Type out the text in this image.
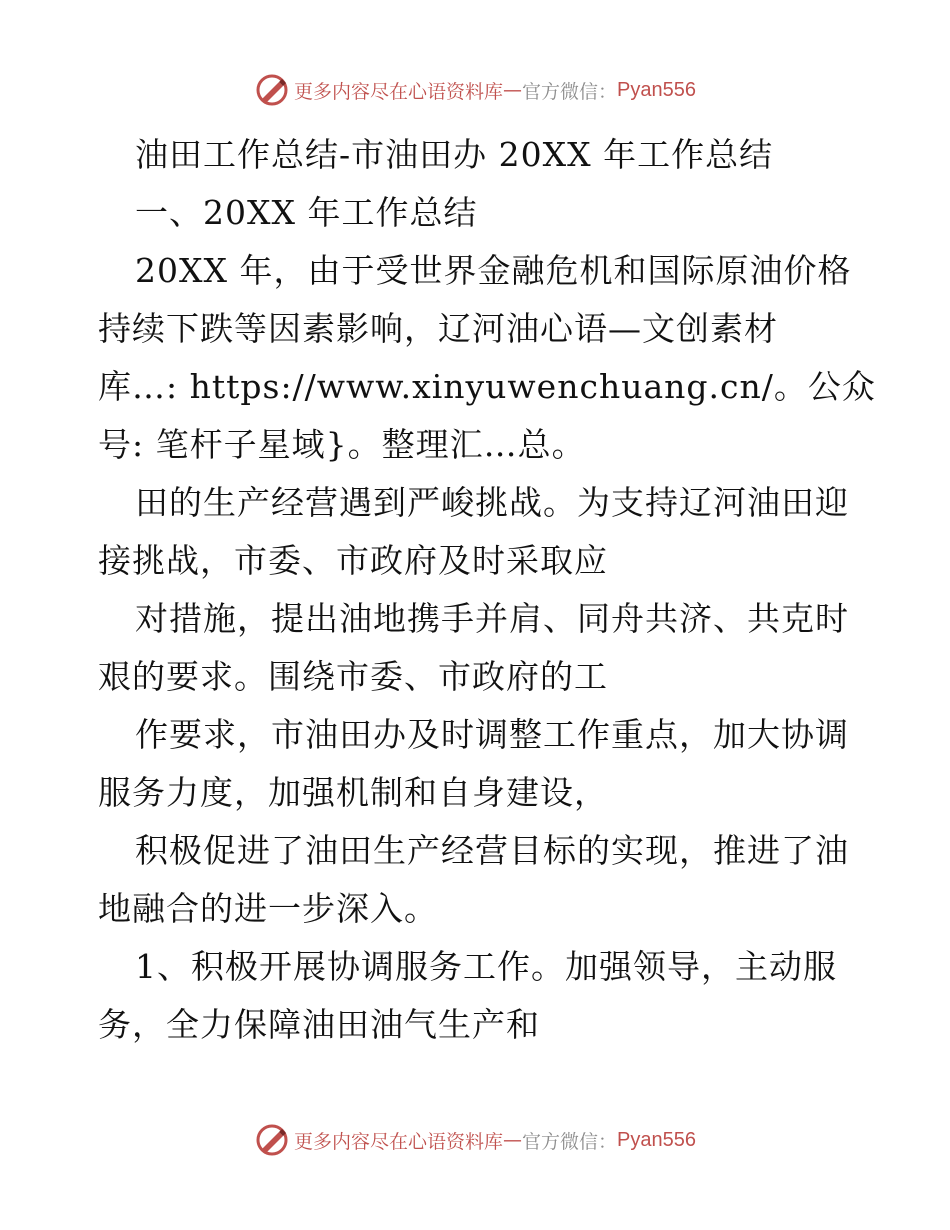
更多内容尽在心语资料库 — 官方微信： Pyan556
油田工作总结-市油田办 20XX 年工作总结
一、20XX 年工作总结
20XX 年，由于受世界金融危机和国际原油价格
持续下跌等因素影响，辽河油心语—文创素材
库…: https://www.xinyuwenchuang.cn/。公众
号: 笔杆子星域}。整理汇…总。
田的生产经营遇到严峻挑战。为支持辽河油田迎
接挑战，市委、市政府及时采取应
对措施，提出油地携手并肩、同舟共济、共克时
艰的要求。围绕市委、市政府的工
作要求，市油田办及时调整工作重点，加大协调
服务力度，加强机制和自身建设，
积极促进了油田生产经营目标的实现，推进了油
地融合的进一步深入。
1、积极开展协调服务工作。加强领导，主动服
务，全力保障油田油气生产和
更多内容尽在心语资料库 — 官方微信： Pyan556
